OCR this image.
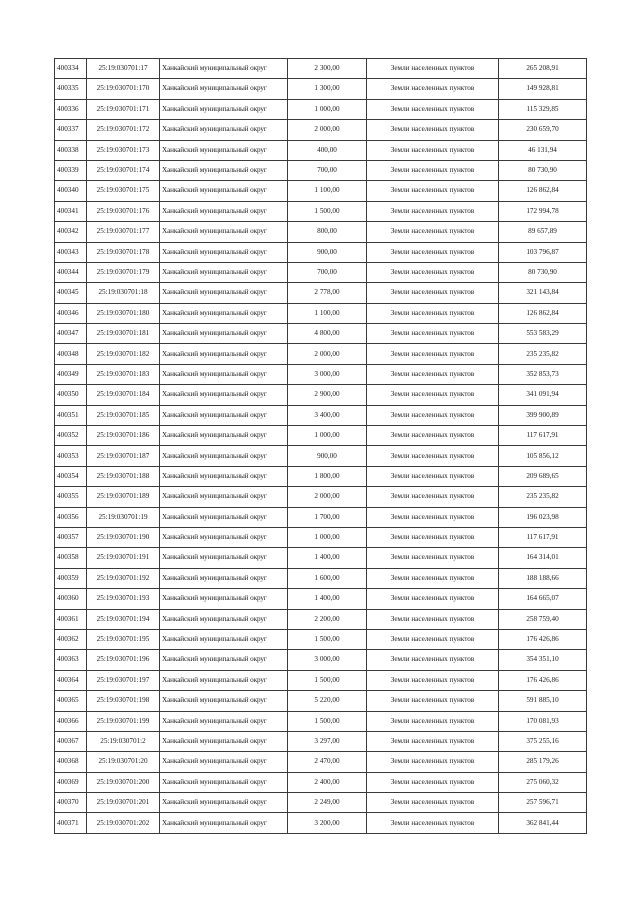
400334	25:19:030701:17	Ханкайский муниципальный округ	2 300,00	Земли населенных пунктов	265 208,91
400335	25:19:030701:170	Ханкайский муниципальный округ	1 300,00	Земли населенных пунктов	149 928,81
400336	25:19:030701:171	Ханкайский муниципальный округ	1 000,00	Земли населенных пунктов	115 329,85
400337	25:19:030701:172	Ханкайский муниципальный округ	2 000,00	Земли населенных пунктов	230 659,70
400338	25:19:030701:173	Ханкайский муниципальный округ	400,00	Земли населенных пунктов	46 131,94
400339	25:19:030701:174	Ханкайский муниципальный округ	700,00	Земли населенных пунктов	80 730,90
400340	25:19:030701:175	Ханкайский муниципальный округ	1 100,00	Земли населенных пунктов	126 862,84
400341	25:19:030701:176	Ханкайский муниципальный округ	1 500,00	Земли населенных пунктов	172 994,78
400342	25:19:030701:177	Ханкайский муниципальный округ	800,00	Земли населенных пунктов	89 657,89
400343	25:19:030701:178	Ханкайский муниципальный округ	900,00	Земли населенных пунктов	103 796,87
400344	25:19:030701:179	Ханкайский муниципальный округ	700,00	Земли населенных пунктов	80 730,90
400345	25:19:030701:18	Ханкайский муниципальный округ	2 778,00	Земли населенных пунктов	321 143,84
400346	25:19:030701:180	Ханкайский муниципальный округ	1 100,00	Земли населенных пунктов	126 862,84
400347	25:19:030701:181	Ханкайский муниципальный округ	4 800,00	Земли населенных пунктов	553 583,29
400348	25:19:030701:182	Ханкайский муниципальный округ	2 000,00	Земли населенных пунктов	235 235,82
400349	25:19:030701:183	Ханкайский муниципальный округ	3 000,00	Земли населенных пунктов	352 853,73
400350	25:19:030701:184	Ханкайский муниципальный округ	2 900,00	Земли населенных пунктов	341 091,94
400351	25:19:030701:185	Ханкайский муниципальный округ	3 400,00	Земли населенных пунктов	399 900,89
400352	25:19:030701:186	Ханкайский муниципальный округ	1 000,00	Земли населенных пунктов	117 617,91
400353	25:19:030701:187	Ханкайский муниципальный округ	900,00	Земли населенных пунктов	105 856,12
400354	25:19:030701:188	Ханкайский муниципальный округ	1 800,00	Земли населенных пунктов	209 689,65
400355	25:19:030701:189	Ханкайский муниципальный округ	2 000,00	Земли населенных пунктов	235 235,82
400356	25:19:030701:19	Ханкайский муниципальный округ	1 700,00	Земли населенных пунктов	196 023,98
400357	25:19:030701:190	Ханкайский муниципальный округ	1 000,00	Земли населенных пунктов	117 617,91
400358	25:19:030701:191	Ханкайский муниципальный округ	1 400,00	Земли населенных пунктов	164 314,01
400359	25:19:030701:192	Ханкайский муниципальный округ	1 600,00	Земли населенных пунктов	188 188,66
400360	25:19:030701:193	Ханкайский муниципальный округ	1 400,00	Земли населенных пунктов	164 665,07
400361	25:19:030701:194	Ханкайский муниципальный округ	2 200,00	Земли населенных пунктов	258 759,40
400362	25:19:030701:195	Ханкайский муниципальный округ	1 500,00	Земли населенных пунктов	176 426,86
400363	25:19:030701:196	Ханкайский муниципальный округ	3 000,00	Земли населенных пунктов	354 351,10
400364	25:19:030701:197	Ханкайский муниципальный округ	1 500,00	Земли населенных пунктов	176 426,86
400365	25:19:030701:198	Ханкайский муниципальный округ	5 220,00	Земли населенных пунктов	591 885,10
400366	25:19:030701:199	Ханкайский муниципальный округ	1 500,00	Земли населенных пунктов	170 081,93
400367	25:19:030701:2	Ханкайский муниципальный округ	3 297,00	Земли населенных пунктов	375 255,16
400368	25:19:030701:20	Ханкайский муниципальный округ	2 470,00	Земли населенных пунктов	285 179,26
400369	25:19:030701:200	Ханкайский муниципальный округ	2 400,00	Земли населенных пунктов	275 060,32
400370	25:19:030701:201	Ханкайский муниципальный округ	2 249,00	Земли населенных пунктов	257 596,71
400371	25:19:030701:202	Ханкайский муниципальный округ	3 200,00	Земли населенных пунктов	362 841,44
